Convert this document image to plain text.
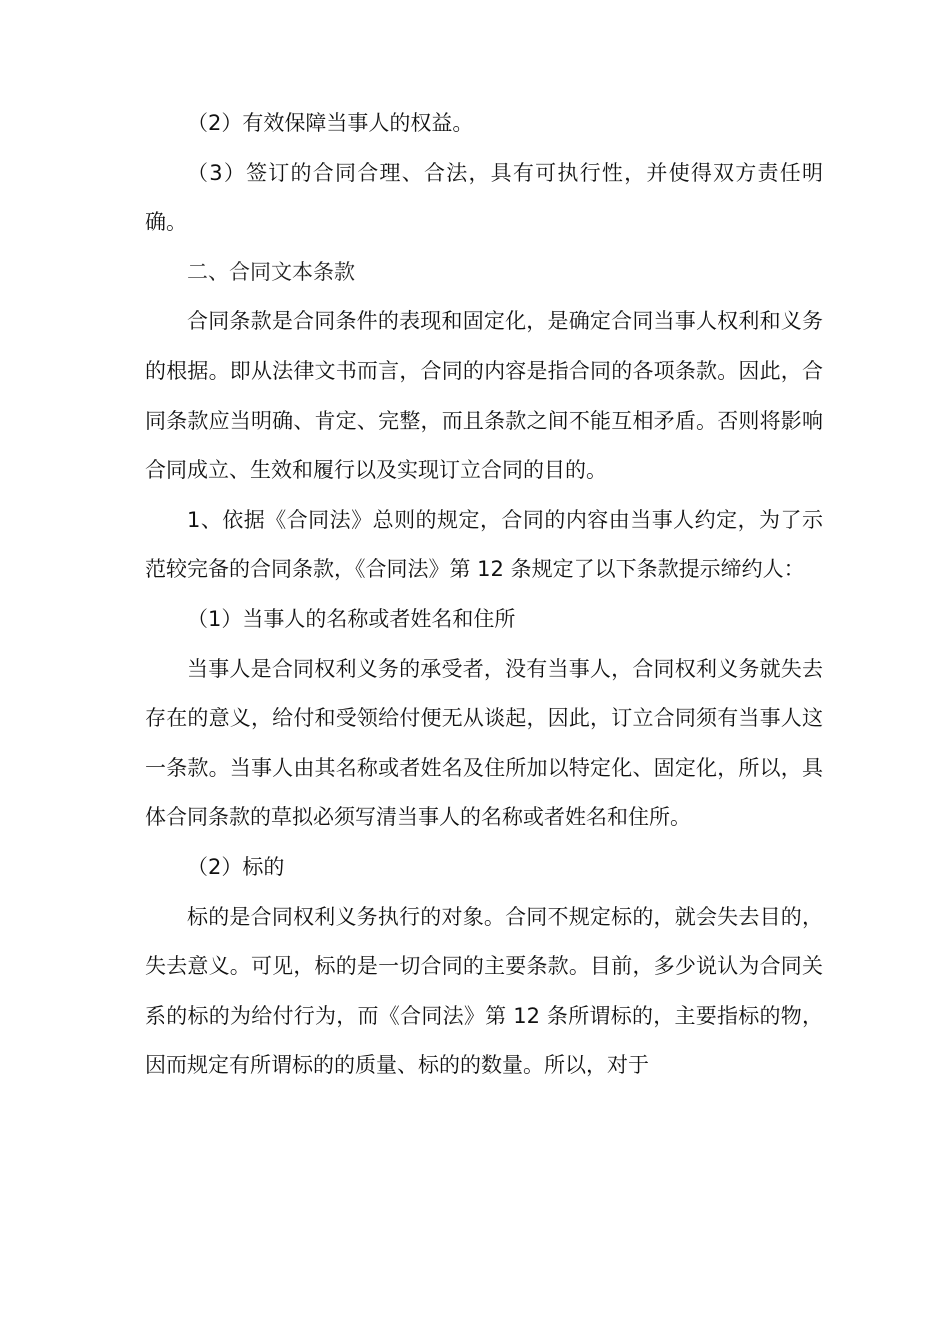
（2）有效保障当事人的权益。

（3）签订的合同合理、合法，具有可执行性，并使得双方责任明确。

二、合同文本条款

合同条款是合同条件的表现和固定化，是确定合同当事人权利和义务的根据。即从法律文书而言，合同的内容是指合同的各项条款。因此，合同条款应当明确、肯定、完整，而且条款之间不能互相矛盾。否则将影响合同成立、生效和履行以及实现订立合同的目的。

1、依据《合同法》总则的规定，合同的内容由当事人约定，为了示范较完备的合同条款，《合同法》第 12 条规定了以下条款提示缔约人：

（1）当事人的名称或者姓名和住所

当事人是合同权利义务的承受者，没有当事人，合同权利义务就失去存在的意义，给付和受领给付便无从谈起，因此，订立合同须有当事人这一条款。当事人由其名称或者姓名及住所加以特定化、固定化，所以，具体合同条款的草拟必须写清当事人的名称或者姓名和住所。

（2）标的

标的是合同权利义务执行的对象。合同不规定标的，就会失去目的，失去意义。可见，标的是一切合同的主要条款。目前，多少说认为合同关系的标的为给付行为，而《合同法》第 12 条所谓标的，主要指标的物，因而规定有所谓标的的质量、标的的数量。所以，对于
